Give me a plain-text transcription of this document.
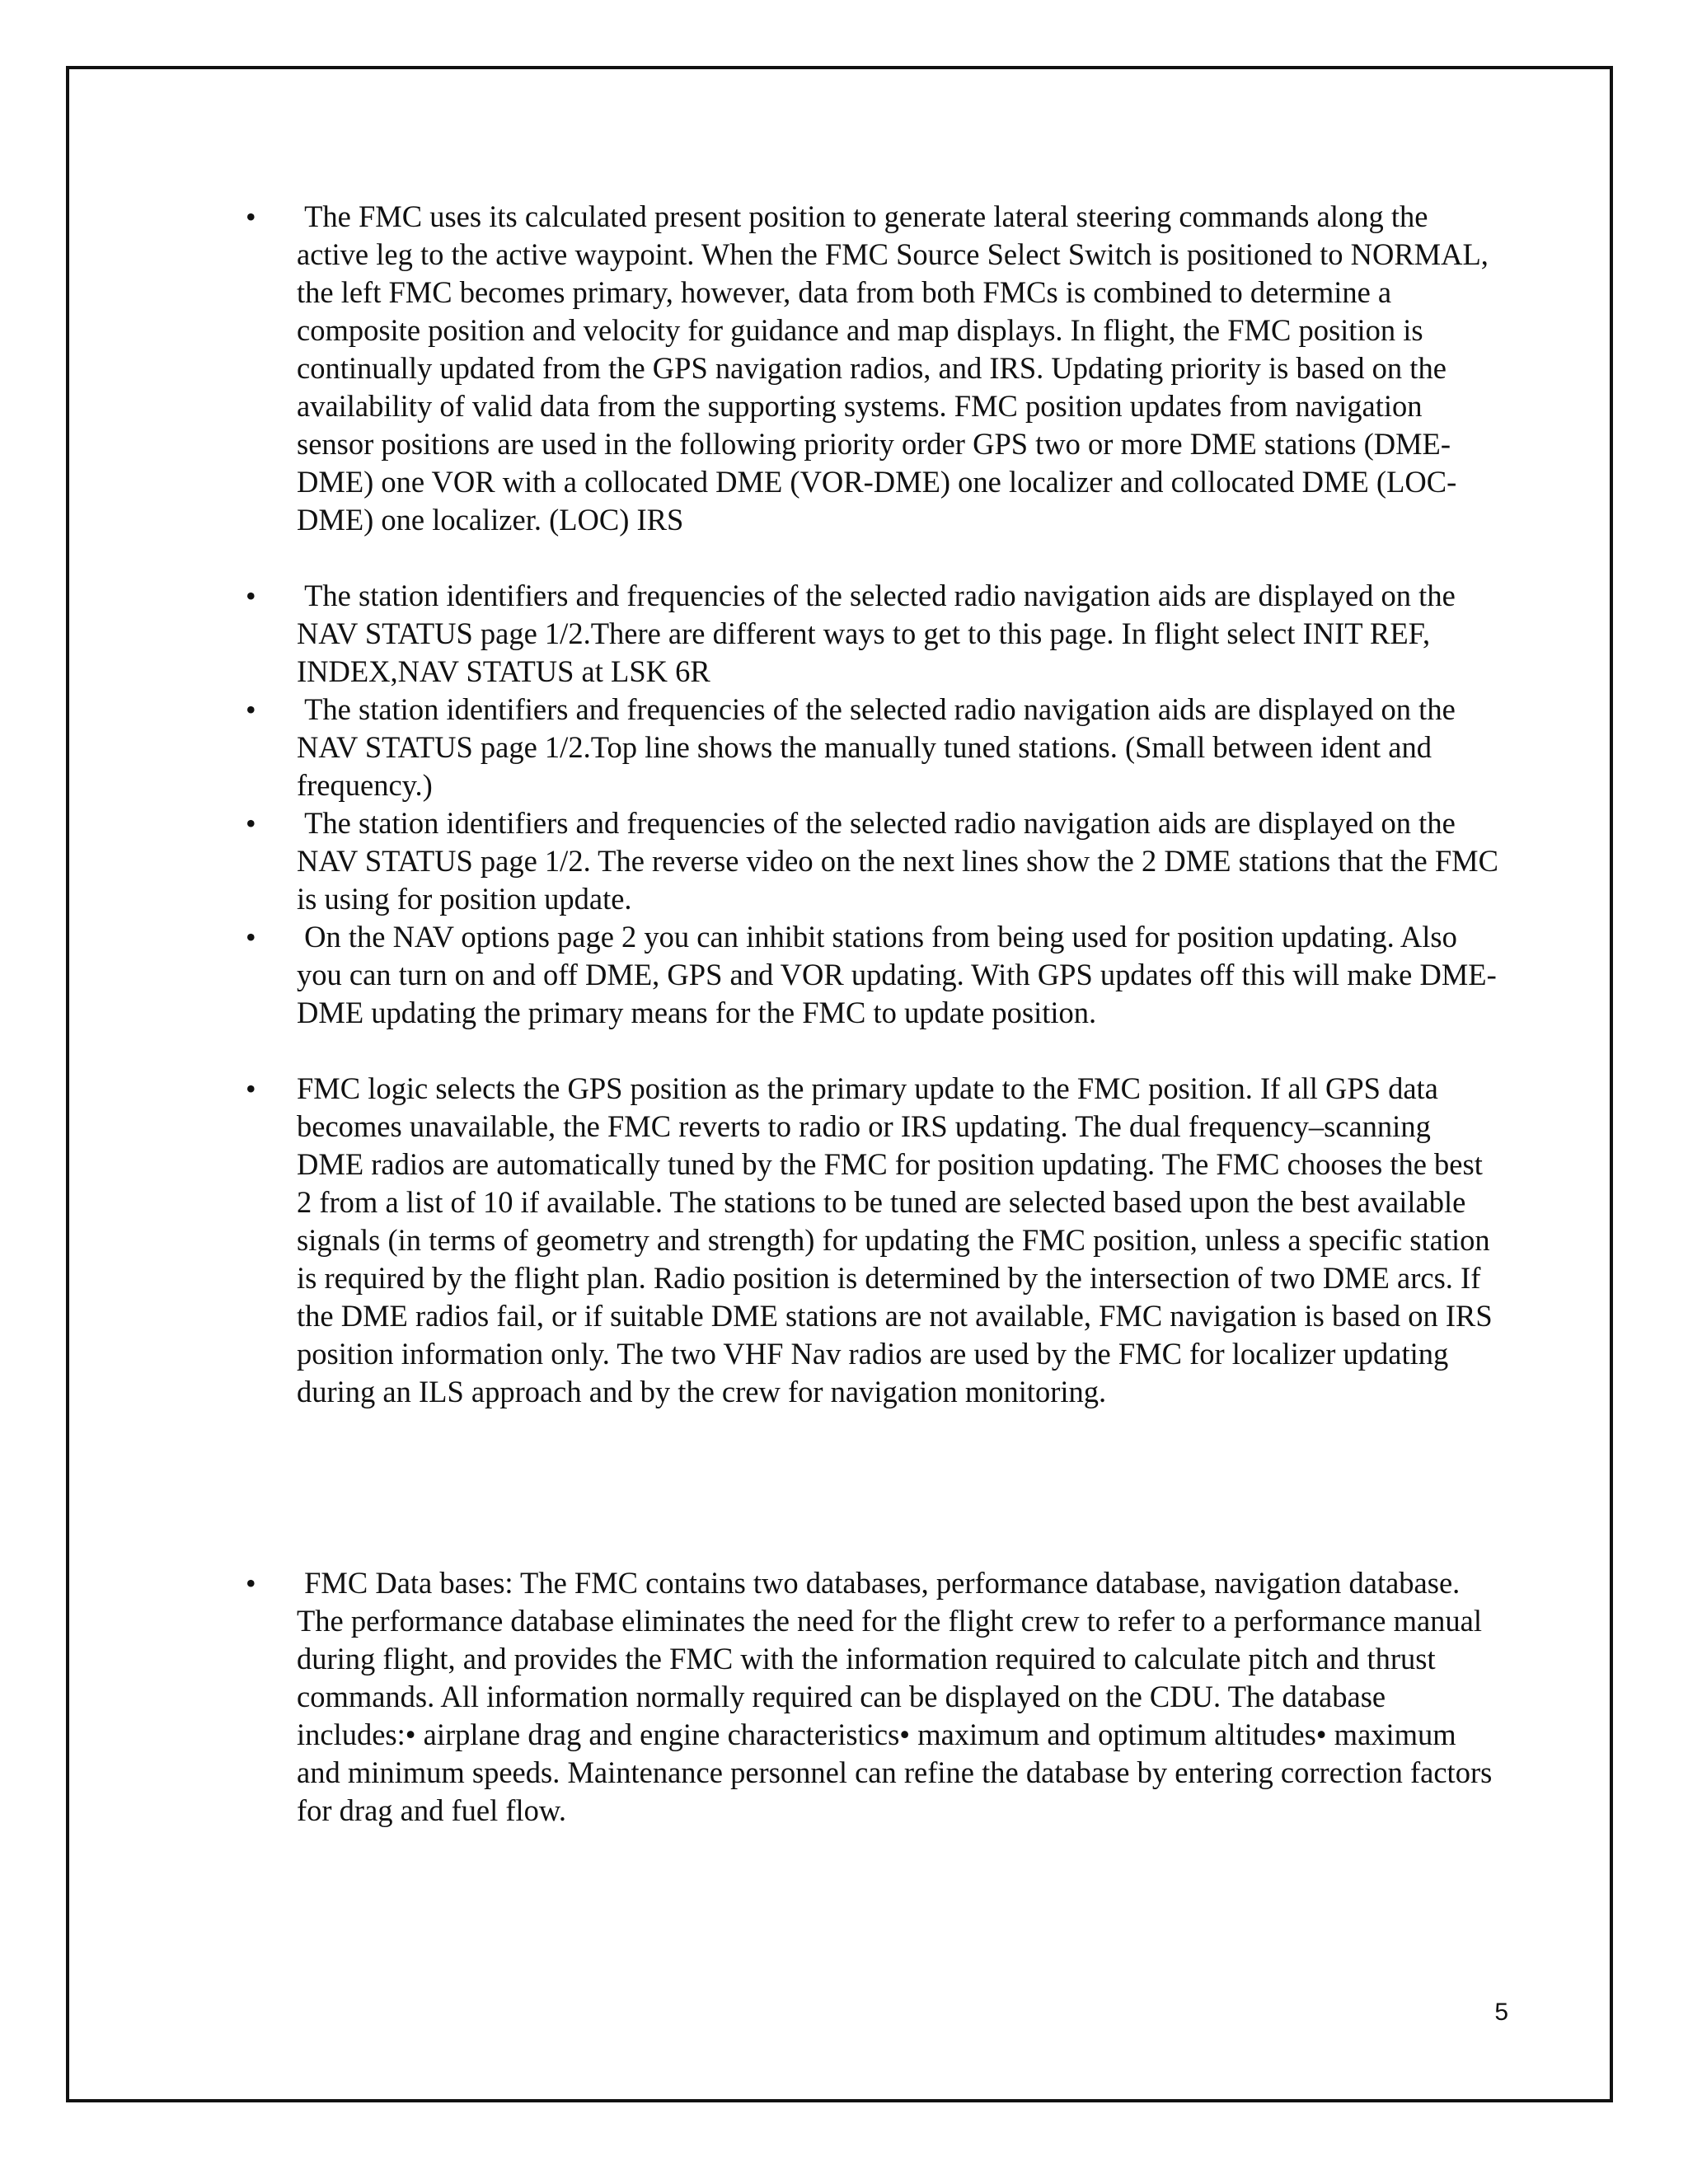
• The FMC uses its calculated present position to generate lateral steering commands along the active leg to the active waypoint. When the FMC Source Select Switch is positioned to NORMAL, the left FMC becomes primary, however, data from both FMCs is combined to determine a composite position and velocity for guidance and map displays. In flight, the FMC position is continually updated from the GPS navigation radios, and IRS. Updating priority is based on the availability of valid data from the supporting systems. FMC position updates from navigation sensor positions are used in the following priority order GPS two or more DME stations (DME-DME) one VOR with a collocated DME (VOR-DME) one localizer and collocated DME (LOC-DME) one localizer. (LOC) IRS
• The station identifiers and frequencies of the selected radio navigation aids are displayed on the NAV STATUS page 1/2.There are different ways to get to this page. In flight select INIT REF, INDEX,NAV STATUS at LSK 6R
• The station identifiers and frequencies of the selected radio navigation aids are displayed on the NAV STATUS page 1/2.Top line shows the manually tuned stations. (Small between ident and frequency.)
• The station identifiers and frequencies of the selected radio navigation aids are displayed on the NAV STATUS page 1/2. The reverse video on the next lines show the 2 DME stations that the FMC is using for position update.
• On the NAV options page 2 you can inhibit stations from being used for position updating. Also you can turn on and off DME, GPS and VOR updating. With GPS updates off this will make DME-DME updating the primary means for the FMC to update position.
• FMC logic selects the GPS position as the primary update to the FMC position. If all GPS data becomes unavailable, the FMC reverts to radio or IRS updating. The dual frequency–scanning DME radios are automatically tuned by the FMC for position updating. The FMC chooses the best 2 from a list of 10 if available. The stations to be tuned are selected based upon the best available signals (in terms of geometry and strength) for updating the FMC position, unless a specific station is required by the flight plan. Radio position is determined by the intersection of two DME arcs. If the DME radios fail, or if suitable DME stations are not available, FMC navigation is based on IRS position information only. The two VHF Nav radios are used by the FMC for localizer updating during an ILS approach and by the crew for navigation monitoring.
• FMC Data bases: The FMC contains two databases, performance database, navigation database. The performance database eliminates the need for the flight crew to refer to a performance manual during flight, and provides the FMC with the information required to calculate pitch and thrust commands. All information normally required can be displayed on the CDU. The database includes:• airplane drag and engine characteristics• maximum and optimum altitudes• maximum and minimum speeds. Maintenance personnel can refine the database by entering correction factors for drag and fuel flow.
5
